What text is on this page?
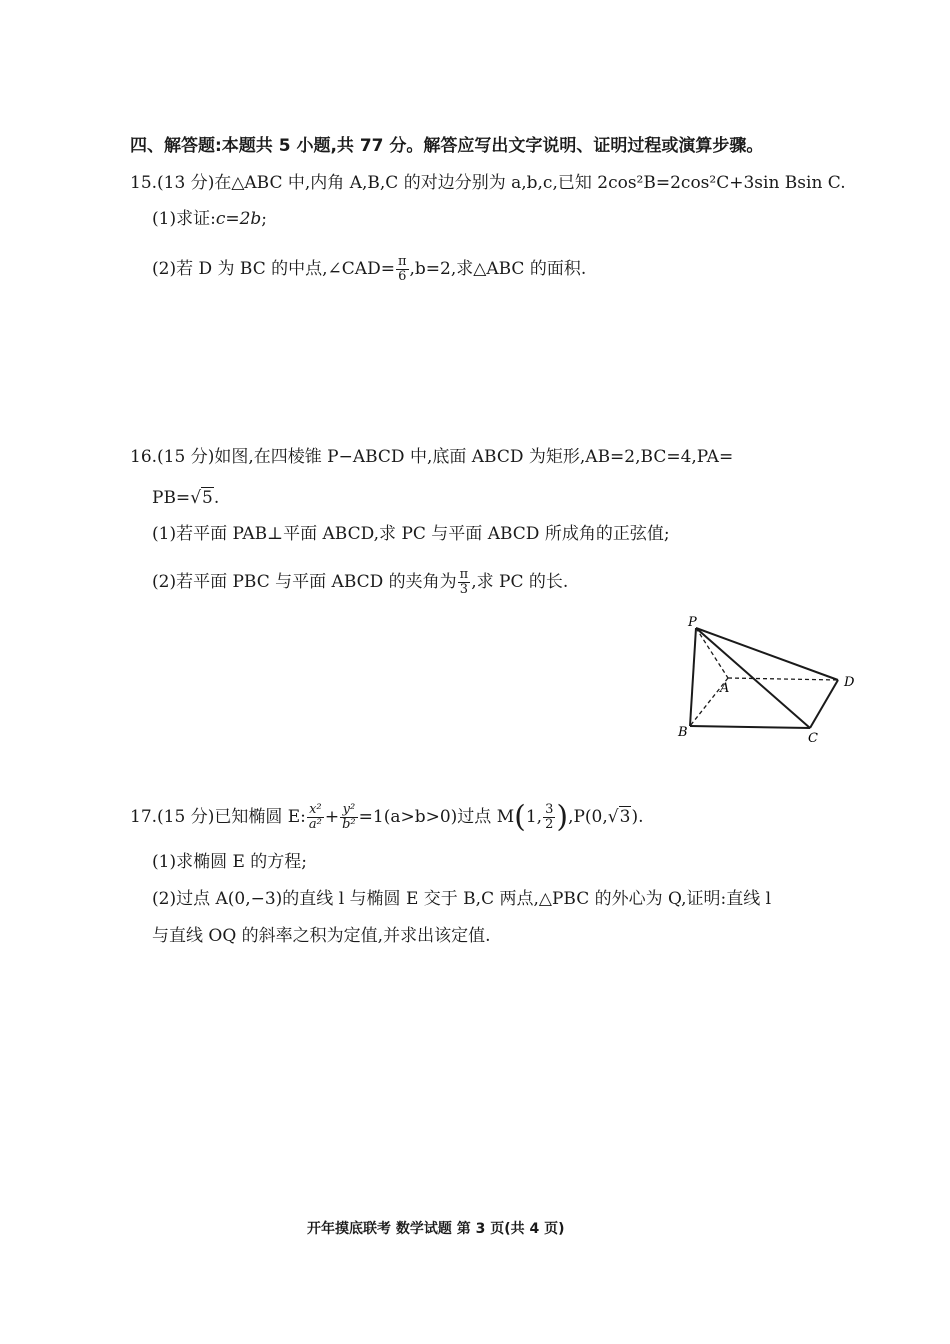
四、解答题:本题共 5 小题,共 77 分。解答应写出文字说明、证明过程或演算步骤。
15.(13 分)在△ABC 中,内角 A,B,C 的对边分别为 a,b,c,已知 2cos²B=2cos²C+3sin Bsin C.
(1)求证:c=2b;
(2)若 D 为 BC 的中点,∠CAD= $\frac{\pi}{6} ,b=2$,求△ABC 的面积.
16.(15 分)如图,在四棱锥 P−ABCD 中,底面 ABCD 为矩形,AB=2,BC=4,PA=
PB=√5.
(1)若平面 PAB⊥平面 ABCD,求 PC 与平面 ABCD 所成角的正弦值;
(2)若平面 PBC 与平面 ABCD 的夹角为 $\frac{\pi}{3}$ ,求 PC 的长.
P
A
B	C
D
17.(15 分)已知椭圆 E: $\frac{\text{x²}}{\text{a²}} + \frac{\text{y²}}{\text{b²}} =1(a>b>0)$过点 M(1, $\frac{3}{2} ),P(0,√3)$.
(1)求椭圆 E 的方程;
(2)过点 A(0,−3)的直线 l 与椭圆 E 交于 B,C 两点,△PBC 的外心为 Q,证明:直线 l
与直线 OQ 的斜率之积为定值,并求出该定值.
开年摸底联考 数学试题 第 3 页(共 4 页)
